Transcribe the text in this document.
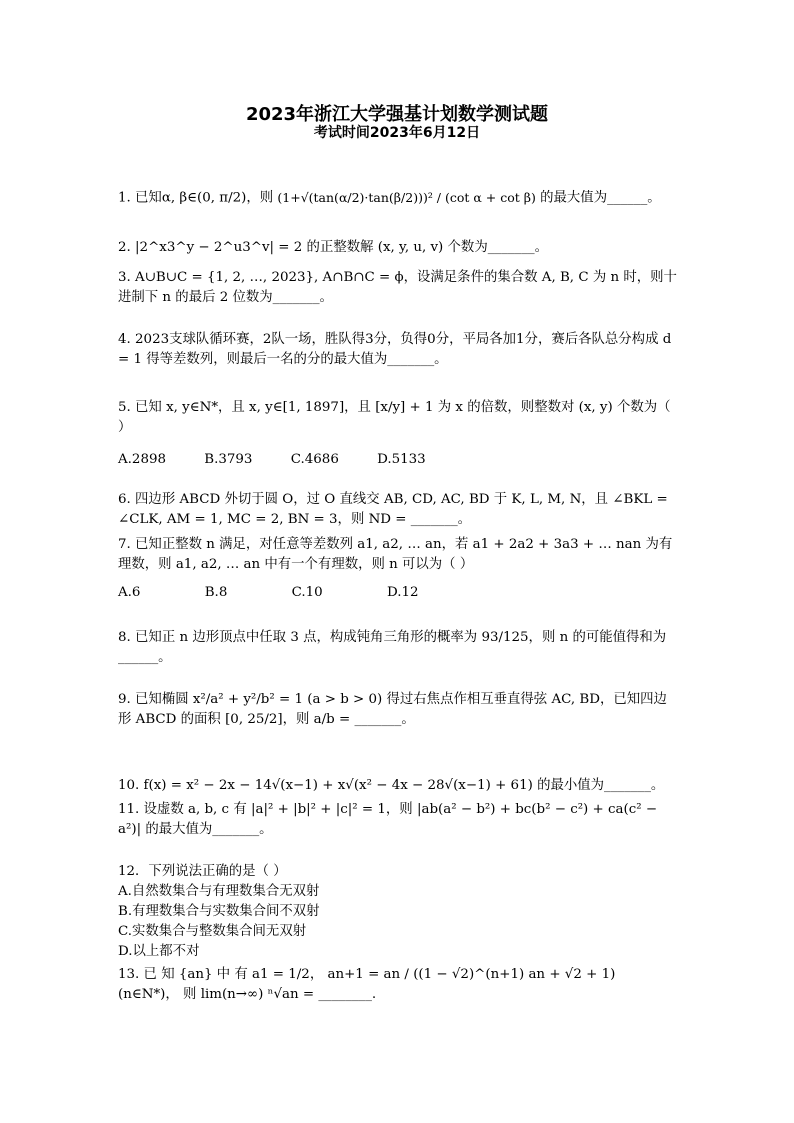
2023年浙江大学强基计划数学测试题
考试时间2023年6月12日
1. 已知α, β∈(0, π/2)，则 (1+√(tan(α/2)·tan(β/2)))² / (cot α + cot β) 的最大值为______。
2. |2^x3^y − 2^u3^v| = 2 的正整数解 (x, y, u, v) 个数为_______。
3. A∪B∪C = {1, 2, …, 2023}, A∩B∩C = ϕ，设满足条件的集合数 A, B, C 为 n 时，则十进制下 n 的最后 2 位数为_______。
4. 2023支球队循环赛，2队一场，胜队得3分，负得0分，平局各加1分，赛后各队总分构成 d = 1 得等差数列，则最后一名的分的最大值为_______。
5. 已知 x, y∈N*，且 x, y∈[1, 1897]，且 [x/y] + 1 为 x 的倍数，则整数对 (x, y) 个数为（ ）
A.2898	B.3793	C.4686	D.5133
6. 四边形 ABCD 外切于圆 O，过 O 直线交 AB, CD, AC, BD 于 K, L, M, N，且 ∠BKL = ∠CLK, AM = 1, MC = 2, BN = 3，则 ND = _______。
7. 已知正整数 n 满足，对任意等差数列 a1, a2, … an，若 a1 + 2a2 + 3a3 + … nan 为有理数，则 a1, a2, … an 中有一个有理数，则 n 可以为（ ）
A.6	B.8	C.10	D.12
8. 已知正 n 边形顶点中任取 3 点，构成钝角三角形的概率为 93/125，则 n 的可能值得和为 ______。
9. 已知椭圆 x²/a² + y²/b² = 1 (a > b > 0) 得过右焦点作相互垂直得弦 AC, BD，已知四边形 ABCD 的面积 [0, 25/2]，则 a/b = _______。
10. f(x) = x² − 2x − 14√(x−1) + x√(x² − 4x − 28√(x−1) + 61) 的最小值为_______。
11. 设虚数 a, b, c 有 |a|² + |b|² + |c|² = 1，则 |ab(a² − b²) + bc(b² − c²) + ca(c² − a²)| 的最大值为_______。
12．下列说法正确的是（ ）
A.自然数集合与有理数集合无双射
B.有理数集合与实数集合间不双射
C.实数集合与整数集合间无双射
D.以上都不对
13. 已 知 {an} 中 有 a1 = 1/2， an+1 = an / ((1 − √2)^(n+1) an + √2 + 1) (n∈N*)， 则 lim(n→∞) ⁿ√an = ________.
